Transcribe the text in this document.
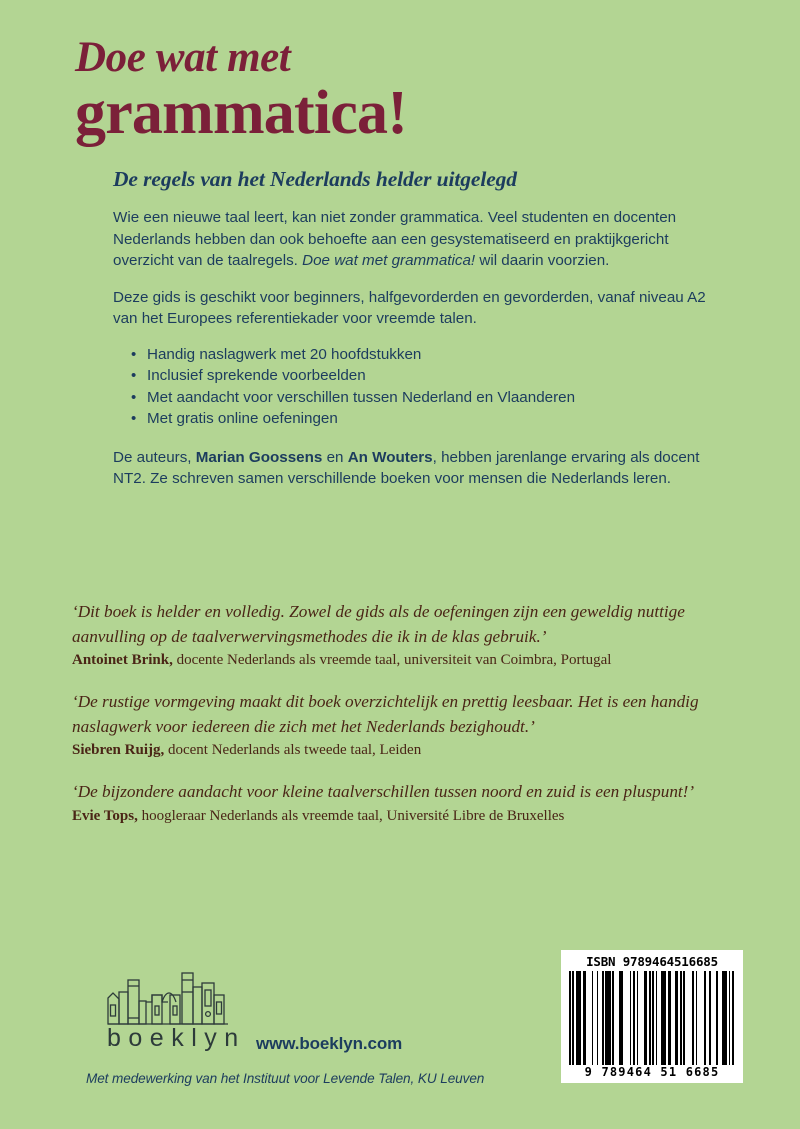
Doe wat met
grammatica!
De regels van het Nederlands helder uitgelegd

Wie een nieuwe taal leert, kan niet zonder grammatica. Veel studenten en docenten Nederlands hebben dan ook behoefte aan een gesystematiseerd en praktijkgericht overzicht van de taalregels. Doe wat met grammatica! wil daarin voorzien.

Deze gids is geschikt voor beginners, halfgevorderden en gevorderden, vanaf niveau A2 van het Europees referentiekader voor vreemde talen.

• Handig naslagwerk met 20 hoofdstukken
• Inclusief sprekende voorbeelden
• Met aandacht voor verschillen tussen Nederland en Vlaanderen
• Met gratis online oefeningen

De auteurs, Marian Goossens en An Wouters, hebben jarenlange ervaring als docent NT2. Ze schreven samen verschillende boeken voor mensen die Nederlands leren.

‘Dit boek is helder en volledig. Zowel de gids als de oefeningen zijn een geweldig nuttige aanvulling op de taalverwervingsmethodes die ik in de klas gebruik.’

Antoinet Brink, docente Nederlands als vreemde taal, universiteit van Coimbra, Portugal

‘De rustige vormgeving maakt dit boek overzichtelijk en prettig leesbaar. Het is een handig naslagwerk voor iedereen die zich met het Nederlands bezighoudt.’

Siebren Ruijg, docent Nederlands als tweede taal, Leiden

‘De bijzondere aandacht voor kleine taalverschillen tussen noord en zuid is een pluspunt!’

Evie Tops, hoogleraar Nederlands als vreemde taal, Université Libre de Bruxelles

boeklyn www.boeklyn.com
Met medewerking van het Instituut voor Levende Talen, KU Leuven
ISBN 9789464516685
9 789464 51 6685
